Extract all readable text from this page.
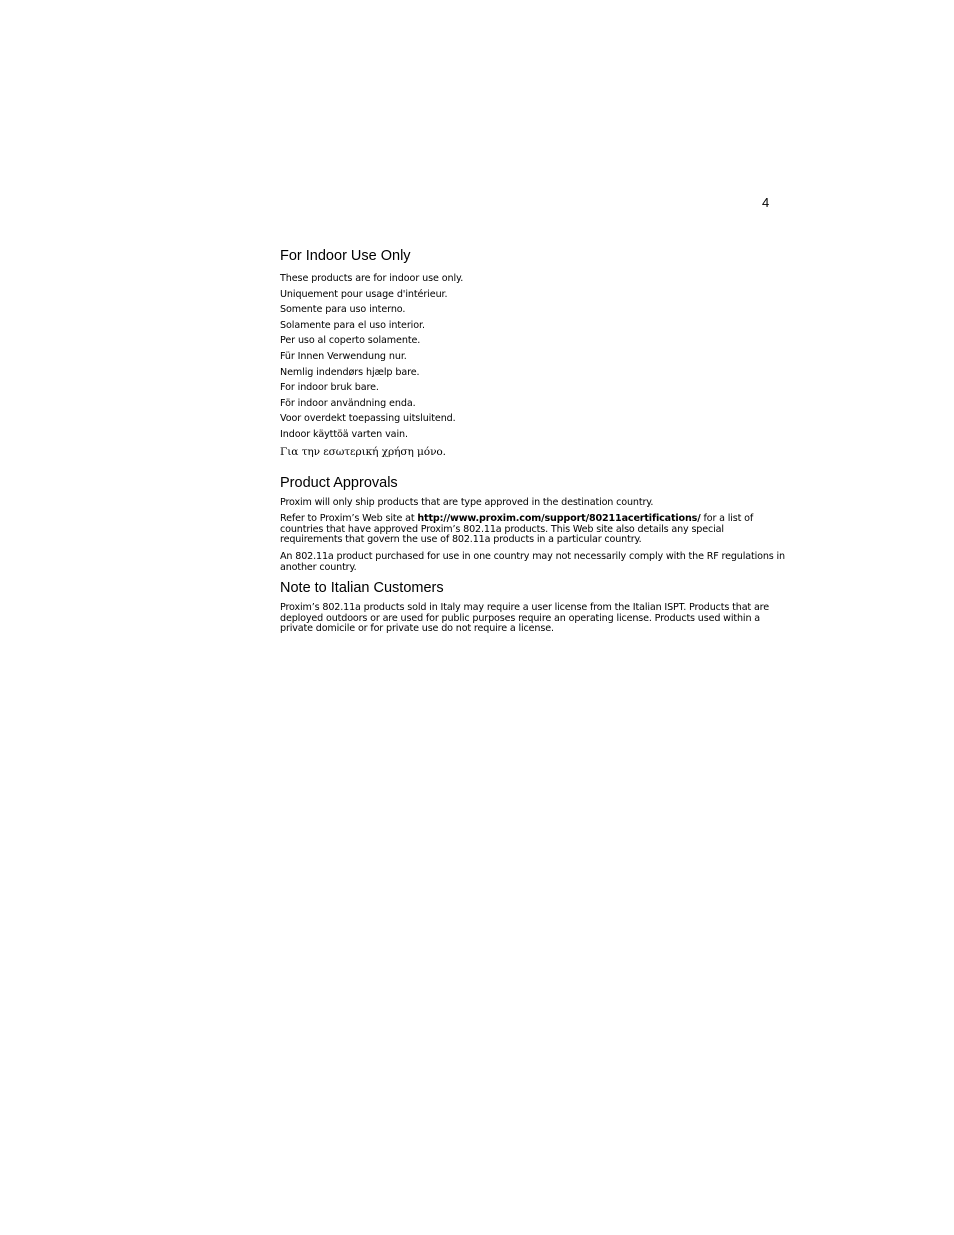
4
For Indoor Use Only
These products are for indoor use only.
Uniquement pour usage d'intérieur.
Somente para uso interno.
Solamente para el uso interior.
Per uso al coperto solamente.
Für Innen Verwendung nur.
Nemlig indendørs hjælp bare.
For indoor bruk bare.
För indoor användning enda.
Voor overdekt toepassing uitsluitend.
Indoor käyttöä varten vain.
Για την εσωτερική χρήση μόνο.
Product Approvals

Proxim will only ship products that are type approved in the destination country.

Refer to Proxim’s Web site at http://www.proxim.com/support/80211acertifications/ for a list of countries that have approved Proxim’s 802.11a products. This Web site also details any special requirements that govern the use of 802.11a products in a particular country.

An 802.11a product purchased for use in one country may not necessarily comply with the RF regulations in another country.

Note to Italian Customers

Proxim’s 802.11a products sold in Italy may require a user license from the Italian ISPT. Products that are deployed outdoors or are used for public purposes require an operating license. Products used within a private domicile or for private use do not require a license.
